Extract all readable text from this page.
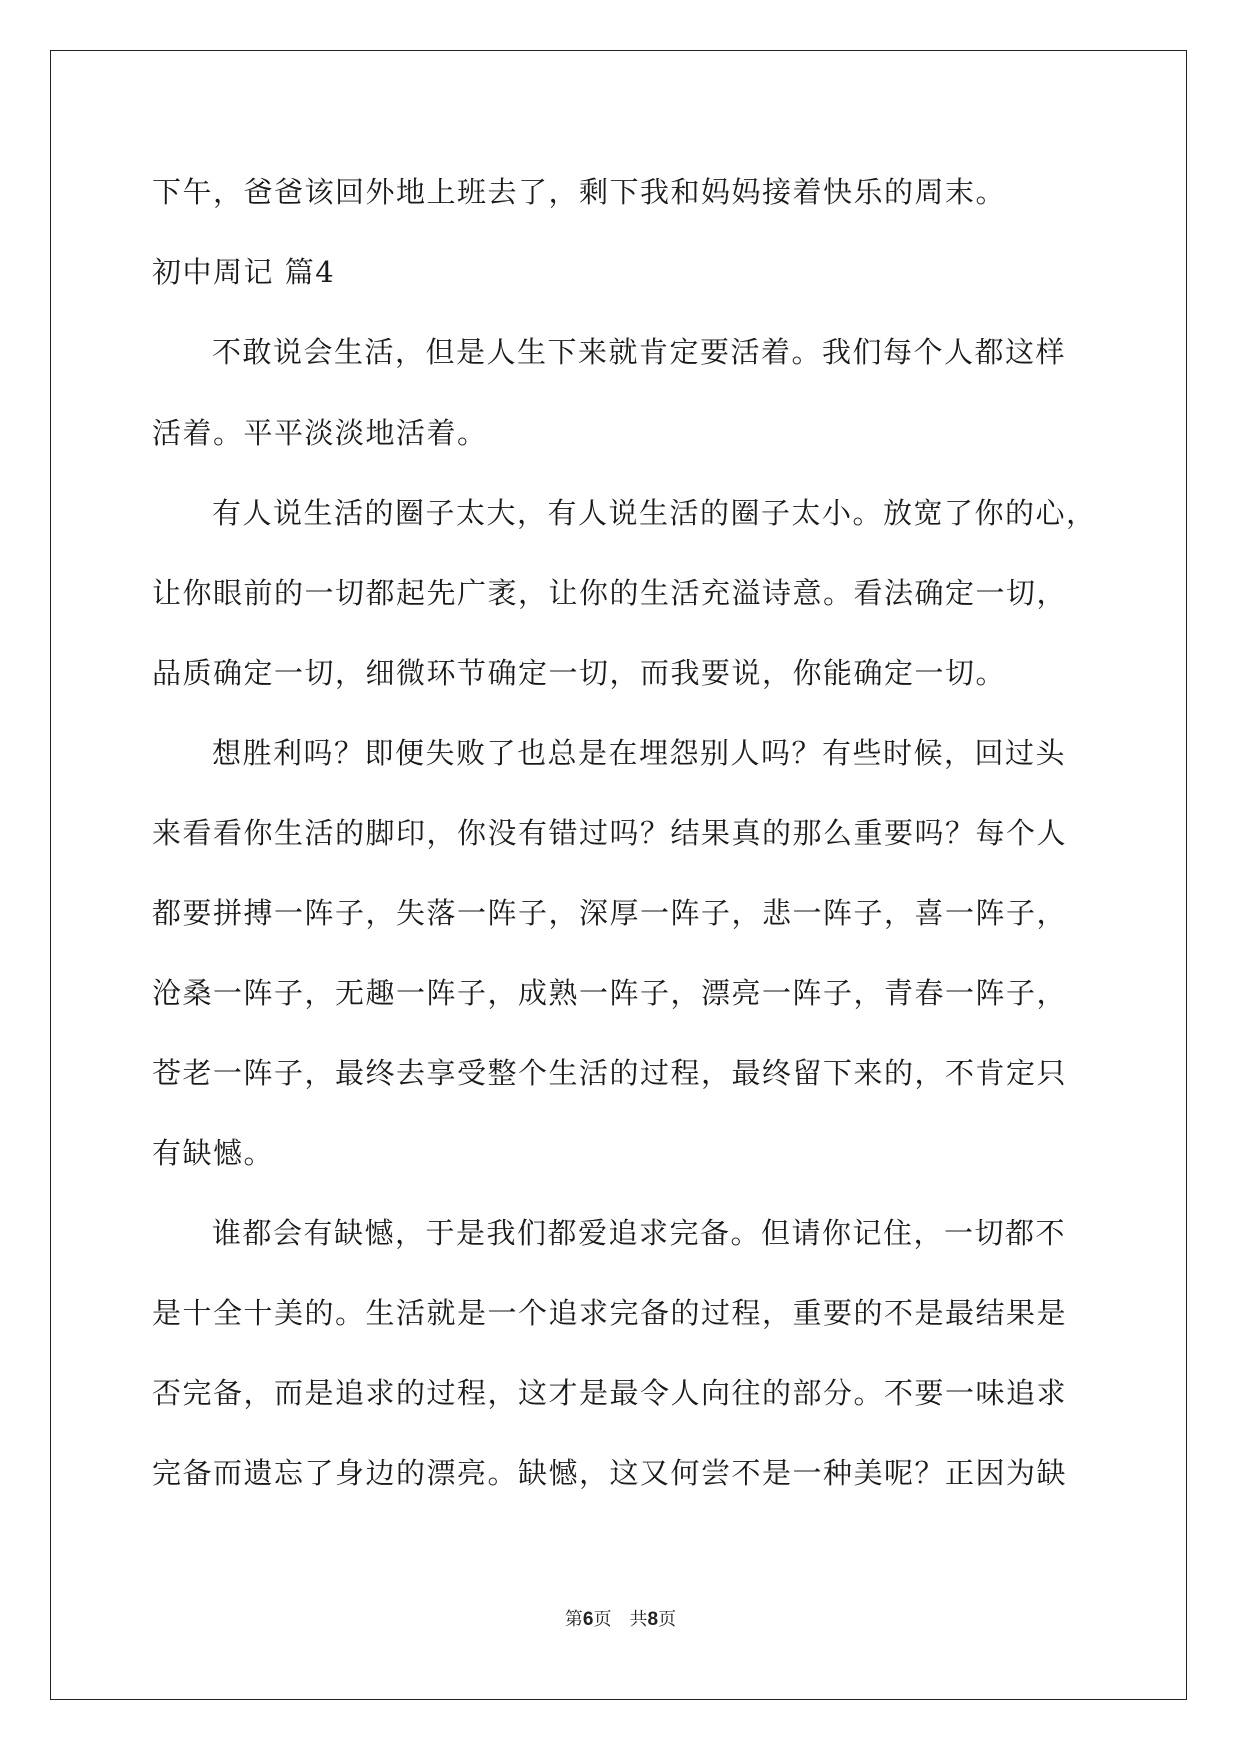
下午，爸爸该回外地上班去了，剩下我和妈妈接着快乐的周末。
初中周记 篇4
不敢说会生活，但是人生下来就肯定要活着。我们每个人都这样
活着。平平淡淡地活着。
有人说生活的圈子太大，有人说生活的圈子太小。放宽了你的心，
让你眼前的一切都起先广袤，让你的生活充溢诗意。看法确定一切，
品质确定一切，细微环节确定一切，而我要说，你能确定一切。
想胜利吗？即便失败了也总是在埋怨别人吗？有些时候，回过头
来看看你生活的脚印，你没有错过吗？结果真的那么重要吗？每个人
都要拼搏一阵子，失落一阵子，深厚一阵子，悲一阵子，喜一阵子，
沧桑一阵子，无趣一阵子，成熟一阵子，漂亮一阵子，青春一阵子，
苍老一阵子，最终去享受整个生活的过程，最终留下来的，不肯定只
有缺憾。
谁都会有缺憾，于是我们都爱追求完备。但请你记住，一切都不
是十全十美的。生活就是一个追求完备的过程，重要的不是最结果是
否完备，而是追求的过程，这才是最令人向往的部分。不要一味追求
完备而遗忘了身边的漂亮。缺憾，这又何尝不是一种美呢？正因为缺
第6页　共8页
